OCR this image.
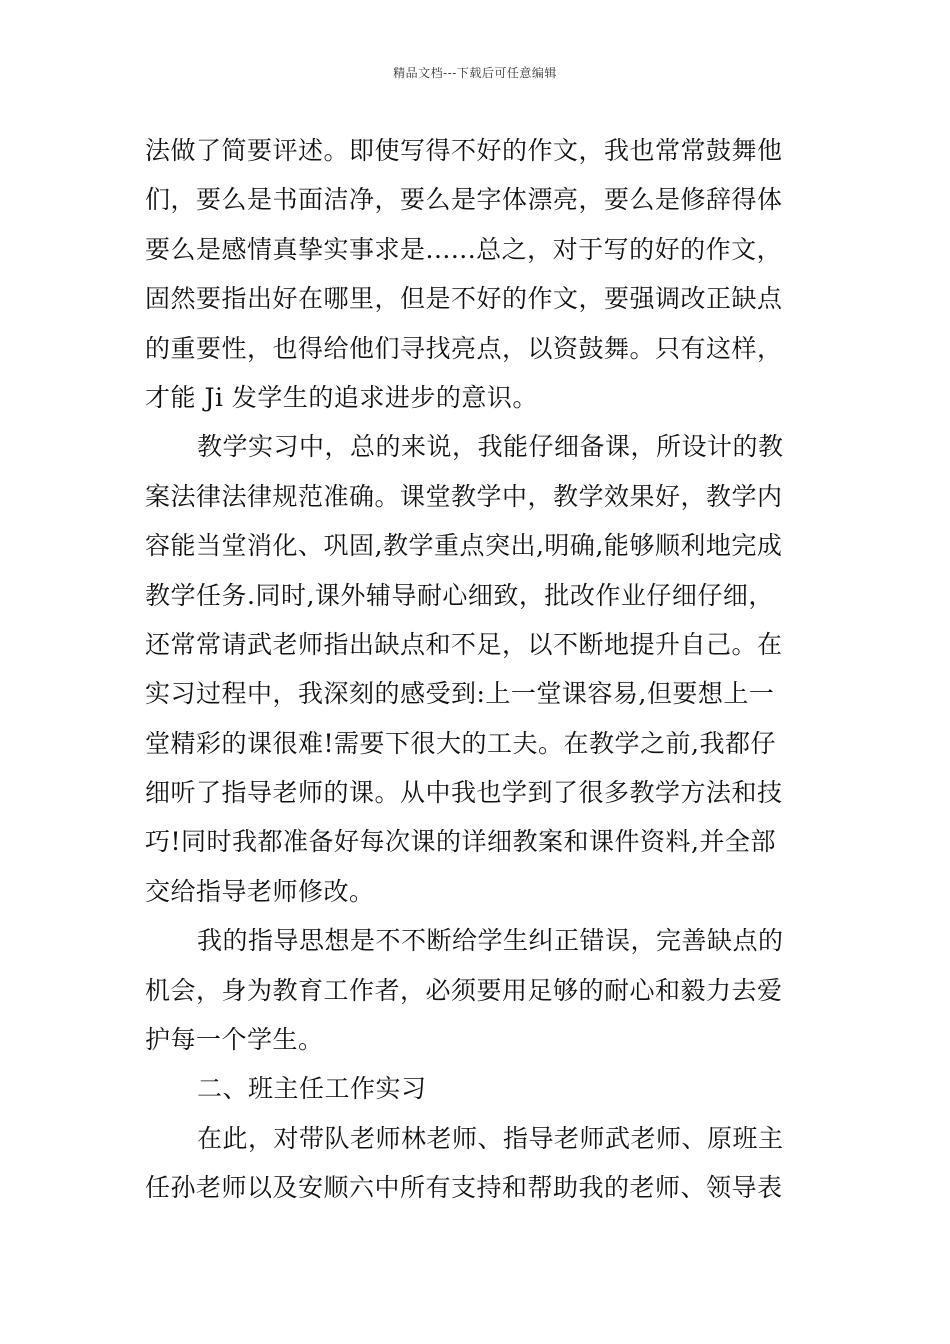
精品文档---下载后可任意编辑
法做了简要评述。即使写得不好的作文，我也常常鼓舞他
们，要么是书面洁净，要么是字体漂亮，要么是修辞得体
要么是感情真挚实事求是......总之，对于写的好的作文，
固然要指出好在哪里，但是不好的作文，要强调改正缺点
的重要性，也得给他们寻找亮点，以资鼓舞。只有这样，
才能 Ji 发学生的追求进步的意识。
教学实习中，总的来说，我能仔细备课，所设计的教
案法律法律规范准确。课堂教学中，教学效果好，教学内
容能当堂消化、巩固,教学重点突出,明确,能够顺利地完成
教学任务.同时,课外辅导耐心细致，批改作业仔细仔细，
还常常请武老师指出缺点和不足，以不断地提升自己。在
实习过程中，我深刻的感受到:上一堂课容易,但要想上一
堂精彩的课很难!需要下很大的工夫。在教学之前,我都仔
细听了指导老师的课。从中我也学到了很多教学方法和技
巧!同时我都准备好每次课的详细教案和课件资料,并全部
交给指导老师修改。
我的指导思想是不不断给学生纠正错误，完善缺点的
机会，身为教育工作者，必须要用足够的耐心和毅力去爱
护每一个学生。
二、班主任工作实习
在此，对带队老师林老师、指导老师武老师、原班主
任孙老师以及安顺六中所有支持和帮助我的老师、领导表
